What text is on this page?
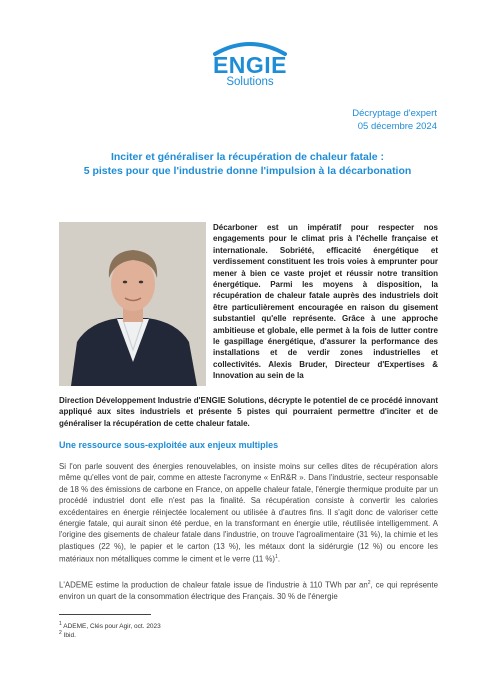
ENGIE
Solutions
Décryptage d'expert
05 décembre 2024
Inciter et généraliser la récupération de chaleur fatale :
5 pistes pour que l'industrie donne l'impulsion à la décarbonation
Décarboner est un impératif pour respecter nos engagements pour le climat pris à l'échelle française et internationale. Sobriété, efficacité énergétique et verdissement constituent les trois voies à emprunter pour mener à bien ce vaste projet et réussir notre transition énergétique. Parmi les moyens à disposition, la récupération de chaleur fatale auprès des industriels doit être particulièrement encouragée en raison du gisement substantiel qu'elle représente. Grâce à une approche ambitieuse et globale, elle permet à la fois de lutter contre le gaspillage énergétique, d'assurer la performance des installations et de verdir zones industrielles et collectivités. Alexis Bruder, Directeur d'Expertises & Innovation au sein de la
Direction Développement Industrie d'ENGIE Solutions, décrypte le potentiel de ce procédé innovant appliqué aux sites industriels et présente 5 pistes qui pourraient permettre d'inciter et de généraliser la récupération de cette chaleur fatale.
Une ressource sous-exploitée aux enjeux multiples
Si l'on parle souvent des énergies renouvelables, on insiste moins sur celles dites de récupération alors même qu'elles vont de pair, comme en atteste l'acronyme « EnR&R ». Dans l'industrie, secteur responsable de 18 % des émissions de carbone en France, on appelle chaleur fatale, l'énergie thermique produite par un procédé industriel dont elle n'est pas la finalité. Sa récupération consiste à convertir les calories excédentaires en énergie réinjectée localement ou utilisée à d'autres fins. Il s'agit donc de valoriser cette énergie fatale, qui aurait sinon été perdue, en la transformant en énergie utile, réutilisée intelligemment. A l'origine des gisements de chaleur fatale dans l'industrie, on trouve l'agroalimentaire (31 %), la chimie et les plastiques (22 %), le papier et le carton (13 %), les métaux dont la sidérurgie (12 %) ou encore les matériaux non métalliques comme le ciment et le verre (11 %)$^1$.
L'ADEME estime la production de chaleur fatale issue de l'industrie à 110 TWh par $an^2$, ce qui représente environ un quart de la consommation électrique des Français. 30 % de l'énergie
$^1$ ADEME, Clés pour Agir, oct. 2023
$^2$ Ibid.
